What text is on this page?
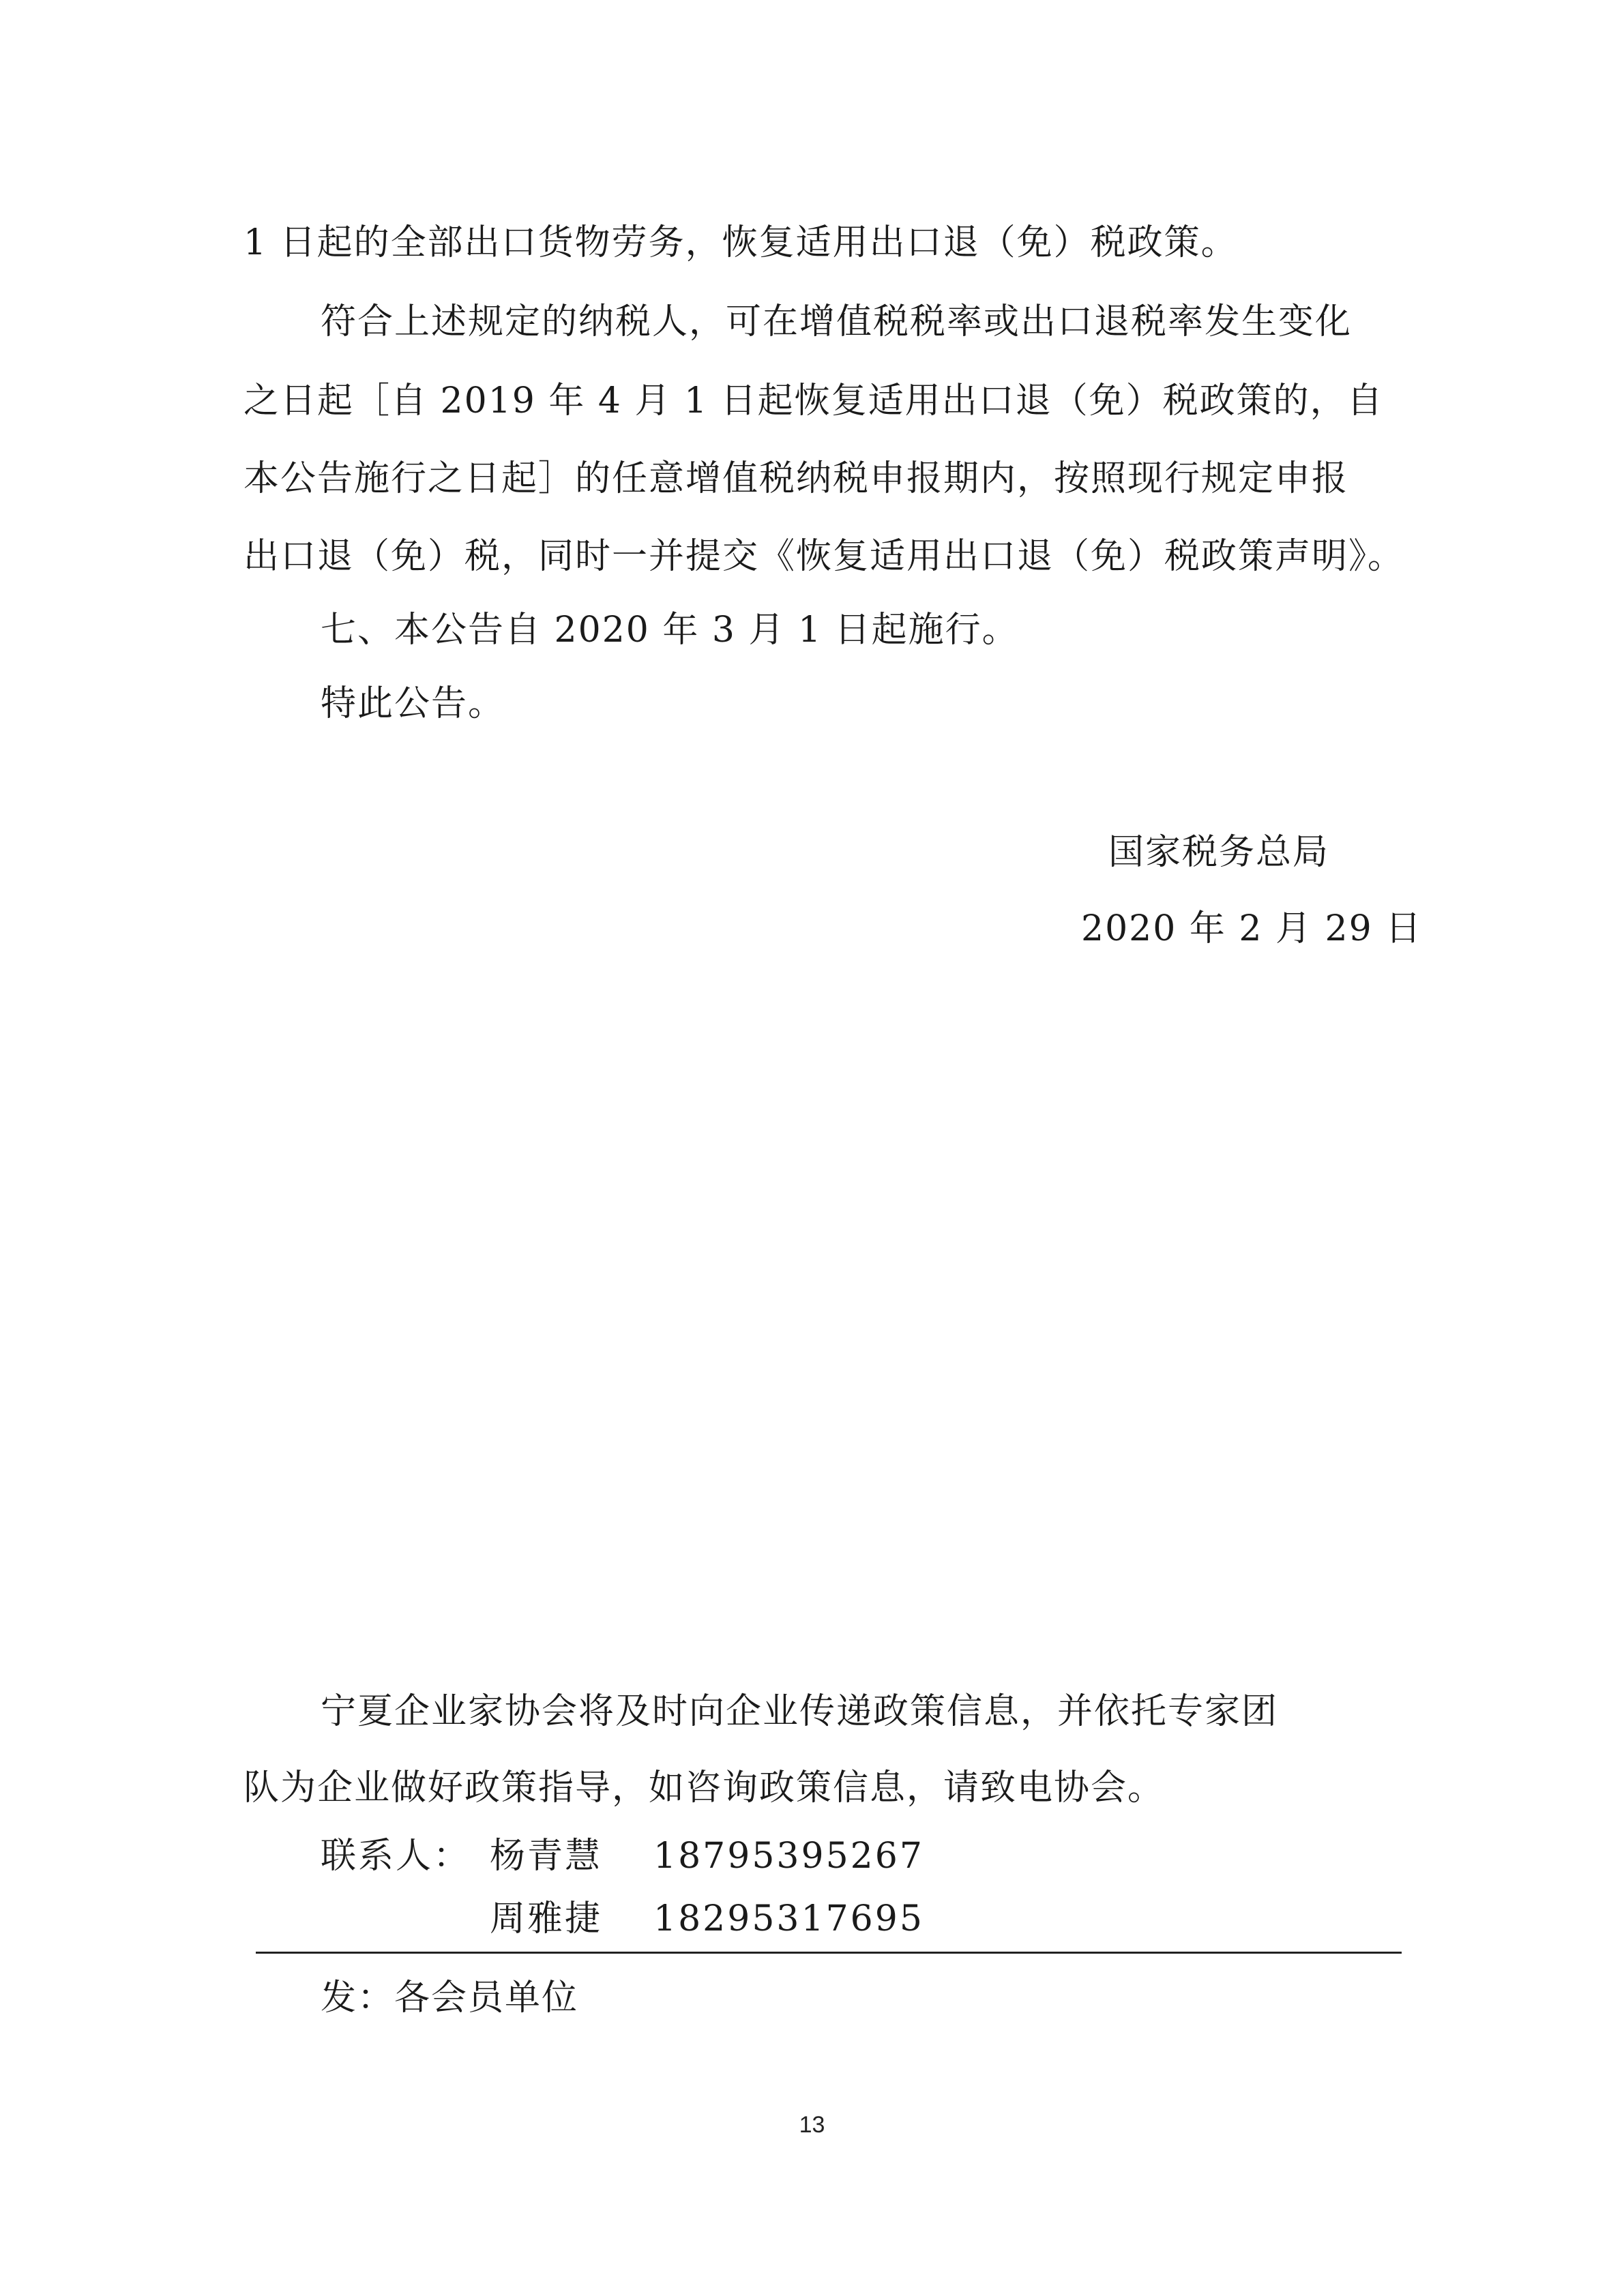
1 日起的全部出口货物劳务，恢复适用出口退（免）税政策。
符合上述规定的纳税人，可在增值税税率或出口退税率发生变化
之日起［自 2019 年 4 月 1 日起恢复适用出口退（免）税政策的，自
本公告施行之日起］的任意增值税纳税申报期内，按照现行规定申报
出口退（免）税，同时一并提交《恢复适用出口退（免）税政策声明》。
七、本公告自 2020 年 3 月 1 日起施行。
特此公告。
国家税务总局
2020 年 2 月 29 日
宁夏企业家协会将及时向企业传递政策信息，并依托专家团
队为企业做好政策指导，如咨询政策信息，请致电协会。
联系人： 杨青慧 18795395267
周雅捷 18295317695
发：各会员单位
13
